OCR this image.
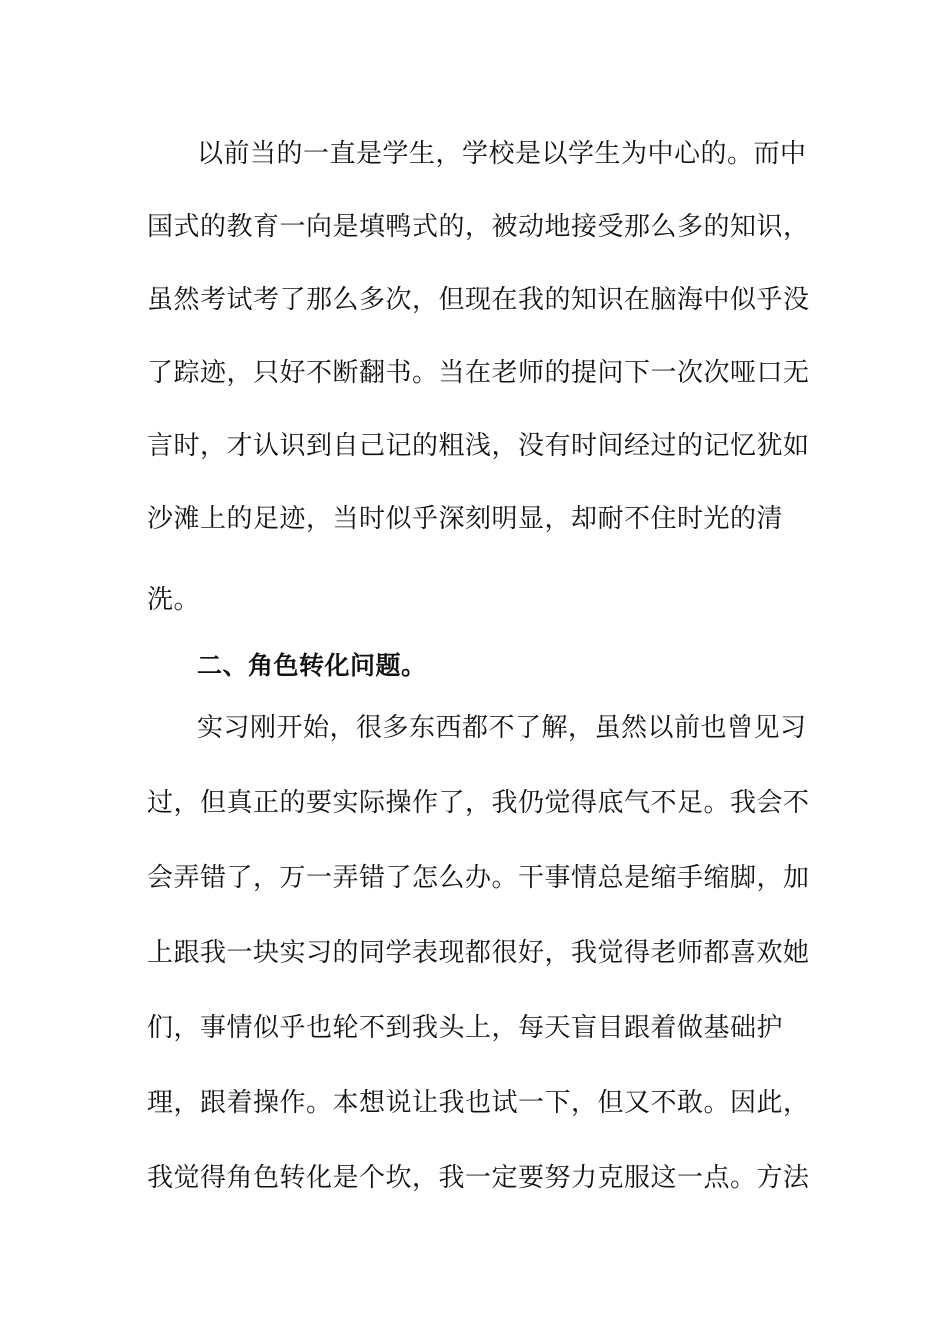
以前当的一直是学生，学校是以学生为中心的。而中

国式的教育一向是填鸭式的，被动地接受那么多的知识，

虽然考试考了那么多次，但现在我的知识在脑海中似乎没

了踪迹，只好不断翻书。当在老师的提问下一次次哑口无

言时，才认识到自己记的粗浅，没有时间经过的记忆犹如

沙滩上的足迹，当时似乎深刻明显，却耐不住时光的清

洗。

二、角色转化问题。

实习刚开始，很多东西都不了解，虽然以前也曾见习

过，但真正的要实际操作了，我仍觉得底气不足。我会不

会弄错了，万一弄错了怎么办。干事情总是缩手缩脚，加

上跟我一块实习的同学表现都很好，我觉得老师都喜欢她

们，事情似乎也轮不到我头上，每天盲目跟着做基础护

理，跟着操作。本想说让我也试一下，但又不敢。因此，

我觉得角色转化是个坎，我一定要努力克服这一点。方法
